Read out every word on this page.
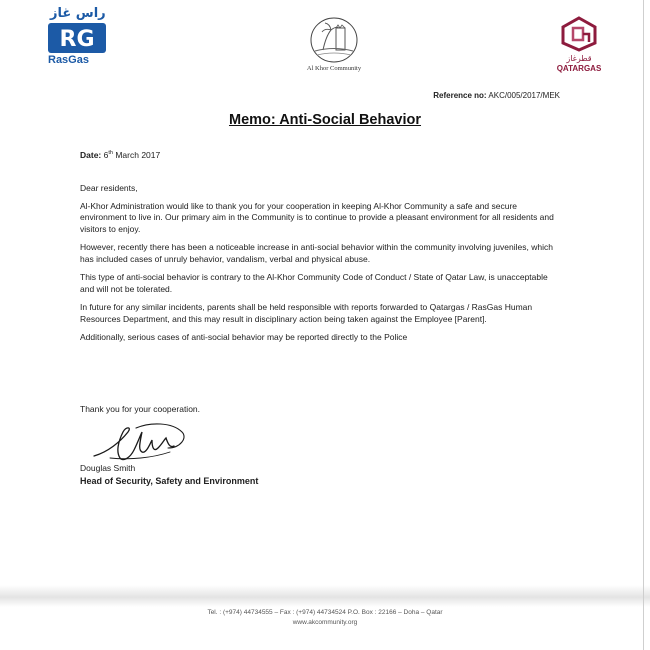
راس غاز
RG
RasGas
Al Khor Community
قطرغاز
QATARGAS
Reference no: AKC/005/2017/MEK
Memo: Anti-Social Behavior
Date: 6th March 2017

Dear residents,

Al-Khor Administration would like to thank you for your cooperation in keeping Al-Khor Community a safe and secure environment to live in. Our primary aim in the Community is to continue to provide a pleasant environment for all residents and visitors to enjoy.

However, recently there has been a noticeable increase in anti-social behavior within the community involving juveniles, which has included cases of unruly behavior, vandalism, verbal and physical abuse.

This type of anti-social behavior is contrary to the Al-Khor Community Code of Conduct / State of Qatar Law, is unacceptable and will not be tolerated.

In future for any similar incidents, parents shall be held responsible with reports forwarded to Qatargas / RasGas Human Resources Department, and this may result in disciplinary action being taken against the Employee [Parent].

Additionally, serious cases of anti-social behavior may be reported directly to the Police

Thank you for your cooperation.
Douglas Smith
Head of Security, Safety and Environment
Tel. : (+974) 44734555 – Fax : (+974) 44734524 P.O. Box : 22166 – Doha – Qatar
www.akcommunity.org
